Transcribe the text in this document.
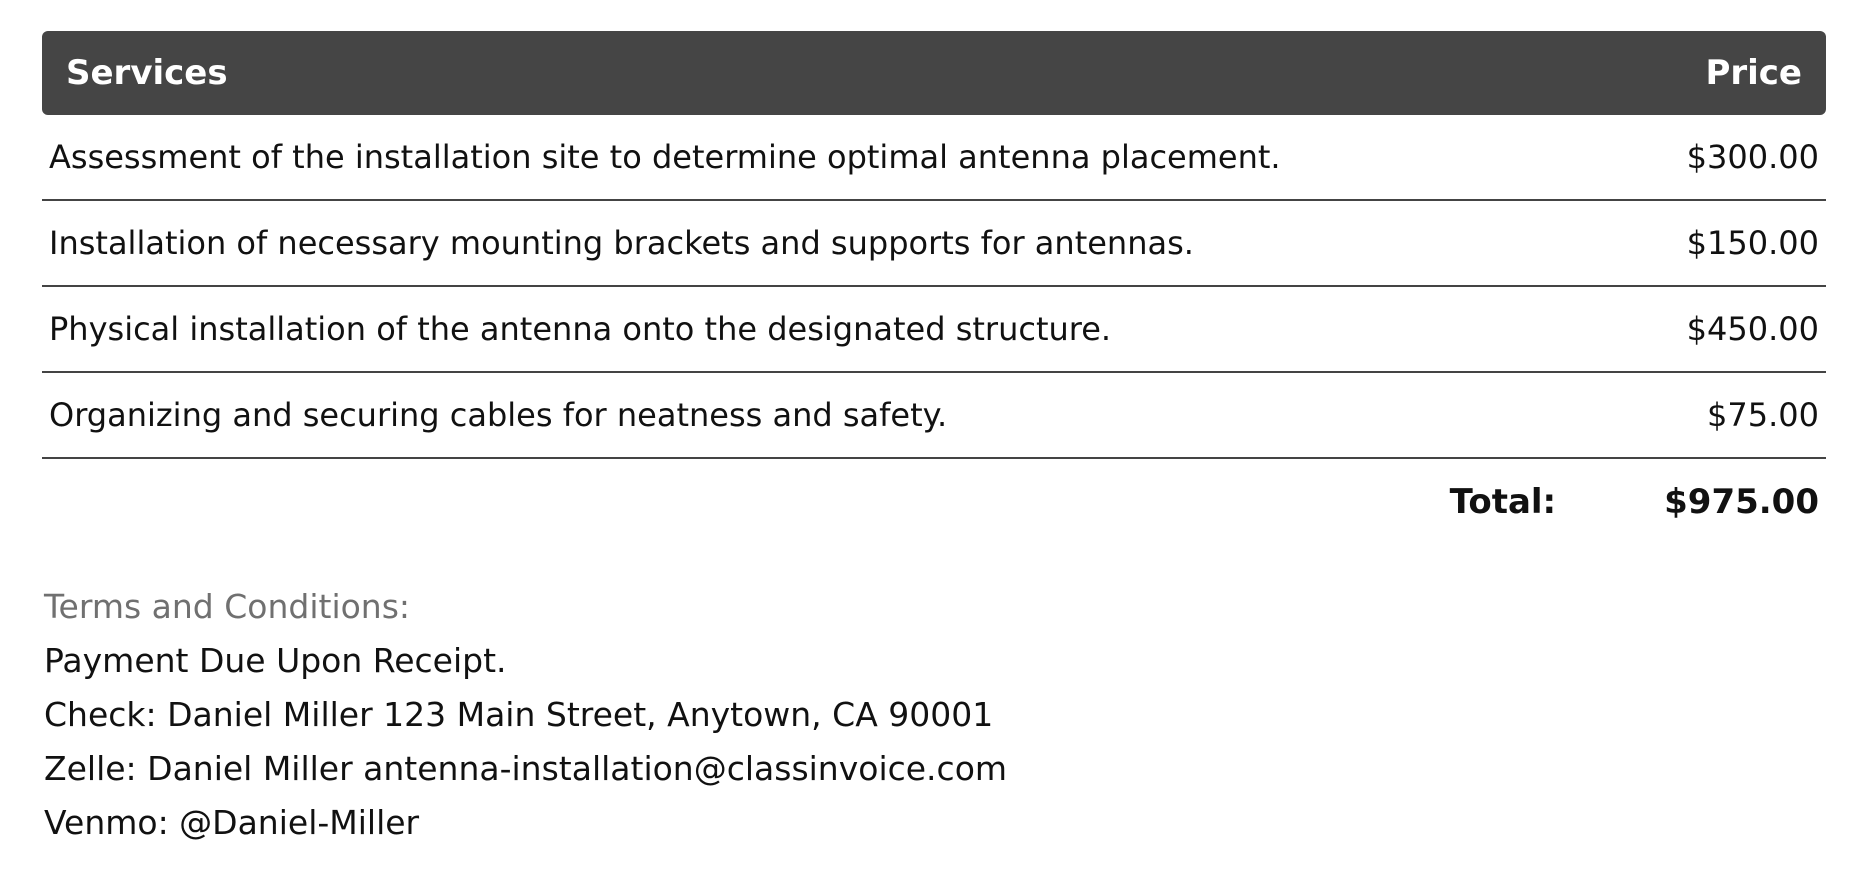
Services	Price
Assessment of the installation site to determine optimal antenna placement.	$300.00
Installation of necessary mounting brackets and supports for antennas.	$150.00
Physical installation of the antenna onto the designated structure.	$450.00
Organizing and securing cables for neatness and safety.	$75.00
Total:	$975.00
Terms and Conditions:
Payment Due Upon Receipt.
Check: Daniel Miller 123 Main Street, Anytown, CA 90001
Zelle: Daniel Miller antenna-installation@classinvoice.com
Venmo: @Daniel-Miller
